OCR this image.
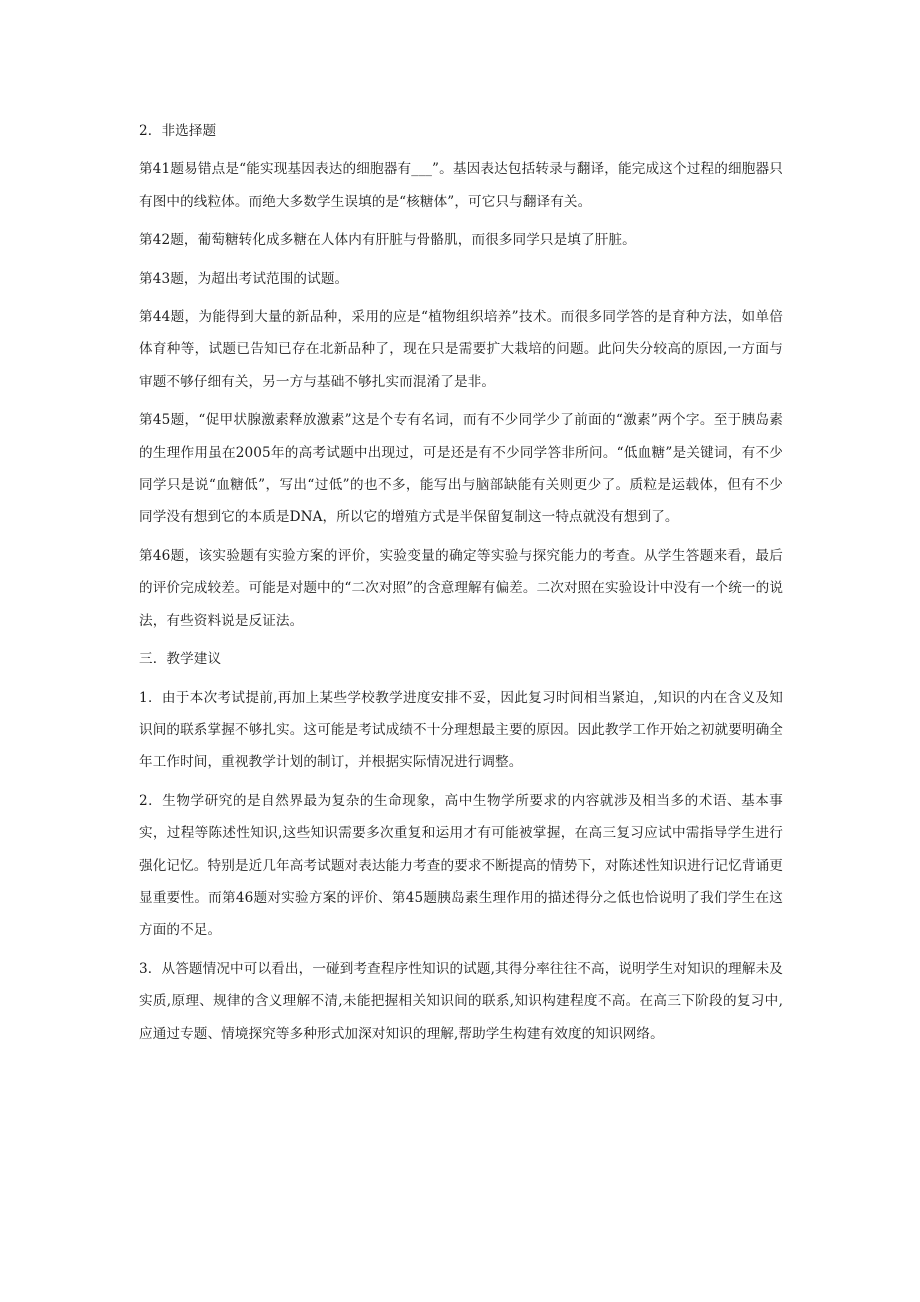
2．非选择题

第41题易错点是“能实现基因表达的细胞器有___”。基因表达包括转录与翻译，能完成这个过程的细胞器只有图中的线粒体。而绝大多数学生误填的是“核糖体”，可它只与翻译有关。

第42题，葡萄糖转化成多糖在人体内有肝脏与骨骼肌，而很多同学只是填了肝脏。

第43题，为超出考试范围的试题。

第44题，为能得到大量的新品种，采用的应是“植物组织培养”技术。而很多同学答的是育种方法，如单倍体育种等，试题已告知已存在北新品种了，现在只是需要扩大栽培的问题。此问失分较高的原因,一方面与审题不够仔细有关，另一方与基础不够扎实而混淆了是非。

第45题，“促甲状腺激素释放激素”这是个专有名词，而有不少同学少了前面的“激素”两个字。至于胰岛素的生理作用虽在2005年的高考试题中出现过，可是还是有不少同学答非所问。“低血糖”是关键词，有不少同学只是说“血糖低”，写出“过低”的也不多，能写出与脑部缺能有关则更少了。质粒是运载体，但有不少同学没有想到它的本质是DNA，所以它的增殖方式是半保留复制这一特点就没有想到了。

第46题，该实验题有实验方案的评价，实验变量的确定等实验与探究能力的考查。从学生答题来看，最后的评价完成较差。可能是对题中的“二次对照”的含意理解有偏差。二次对照在实验设计中没有一个统一的说法，有些资料说是反证法。

三．教学建议

1．由于本次考试提前,再加上某些学校教学进度安排不妥，因此复习时间相当紧迫，,知识的内在含义及知识间的联系掌握不够扎实。这可能是考试成绩不十分理想最主要的原因。因此教学工作开始之初就要明确全年工作时间，重视教学计划的制订，并根据实际情况进行调整。

2．生物学研究的是自然界最为复杂的生命现象，高中生物学所要求的内容就涉及相当多的术语、基本事实，过程等陈述性知识,这些知识需要多次重复和运用才有可能被掌握，在高三复习应试中需指导学生进行强化记忆。特别是近几年高考试题对表达能力考查的要求不断提高的情势下，对陈述性知识进行记忆背诵更显重要性。而第46题对实验方案的评价、第45题胰岛素生理作用的描述得分之低也恰说明了我们学生在这方面的不足。

3．从答题情况中可以看出，一碰到考查程序性知识的试题,其得分率往往不高，说明学生对知识的理解未及实质,原理、规律的含义理解不清,未能把握相关知识间的联系,知识构建程度不高。在高三下阶段的复习中,应通过专题、情境探究等多种形式加深对知识的理解,帮助学生构建有效度的知识网络。
